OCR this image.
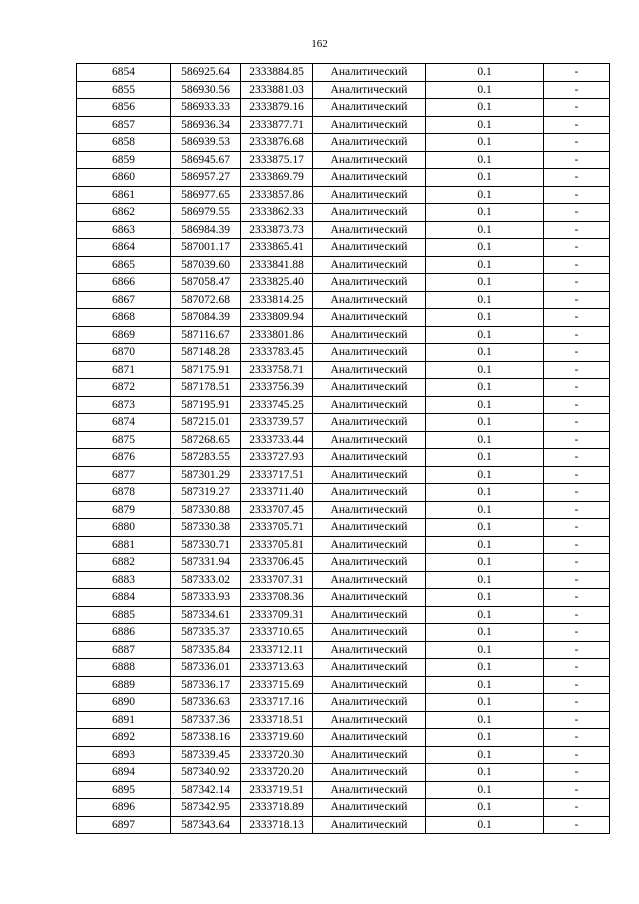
162
6854	586925.64	2333884.85	Аналитический	0.1	-
6855	586930.56	2333881.03	Аналитический	0.1	-
6856	586933.33	2333879.16	Аналитический	0.1	-
6857	586936.34	2333877.71	Аналитический	0.1	-
6858	586939.53	2333876.68	Аналитический	0.1	-
6859	586945.67	2333875.17	Аналитический	0.1	-
6860	586957.27	2333869.79	Аналитический	0.1	-
6861	586977.65	2333857.86	Аналитический	0.1	-
6862	586979.55	2333862.33	Аналитический	0.1	-
6863	586984.39	2333873.73	Аналитический	0.1	-
6864	587001.17	2333865.41	Аналитический	0.1	-
6865	587039.60	2333841.88	Аналитический	0.1	-
6866	587058.47	2333825.40	Аналитический	0.1	-
6867	587072.68	2333814.25	Аналитический	0.1	-
6868	587084.39	2333809.94	Аналитический	0.1	-
6869	587116.67	2333801.86	Аналитический	0.1	-
6870	587148.28	2333783.45	Аналитический	0.1	-
6871	587175.91	2333758.71	Аналитический	0.1	-
6872	587178.51	2333756.39	Аналитический	0.1	-
6873	587195.91	2333745.25	Аналитический	0.1	-
6874	587215.01	2333739.57	Аналитический	0.1	-
6875	587268.65	2333733.44	Аналитический	0.1	-
6876	587283.55	2333727.93	Аналитический	0.1	-
6877	587301.29	2333717.51	Аналитический	0.1	-
6878	587319.27	2333711.40	Аналитический	0.1	-
6879	587330.88	2333707.45	Аналитический	0.1	-
6880	587330.38	2333705.71	Аналитический	0.1	-
6881	587330.71	2333705.81	Аналитический	0.1	-
6882	587331.94	2333706.45	Аналитический	0.1	-
6883	587333.02	2333707.31	Аналитический	0.1	-
6884	587333.93	2333708.36	Аналитический	0.1	-
6885	587334.61	2333709.31	Аналитический	0.1	-
6886	587335.37	2333710.65	Аналитический	0.1	-
6887	587335.84	2333712.11	Аналитический	0.1	-
6888	587336.01	2333713.63	Аналитический	0.1	-
6889	587336.17	2333715.69	Аналитический	0.1	-
6890	587336.63	2333717.16	Аналитический	0.1	-
6891	587337.36	2333718.51	Аналитический	0.1	-
6892	587338.16	2333719.60	Аналитический	0.1	-
6893	587339.45	2333720.30	Аналитический	0.1	-
6894	587340.92	2333720.20	Аналитический	0.1	-
6895	587342.14	2333719.51	Аналитический	0.1	-
6896	587342.95	2333718.89	Аналитический	0.1	-
6897	587343.64	2333718.13	Аналитический	0.1	-
